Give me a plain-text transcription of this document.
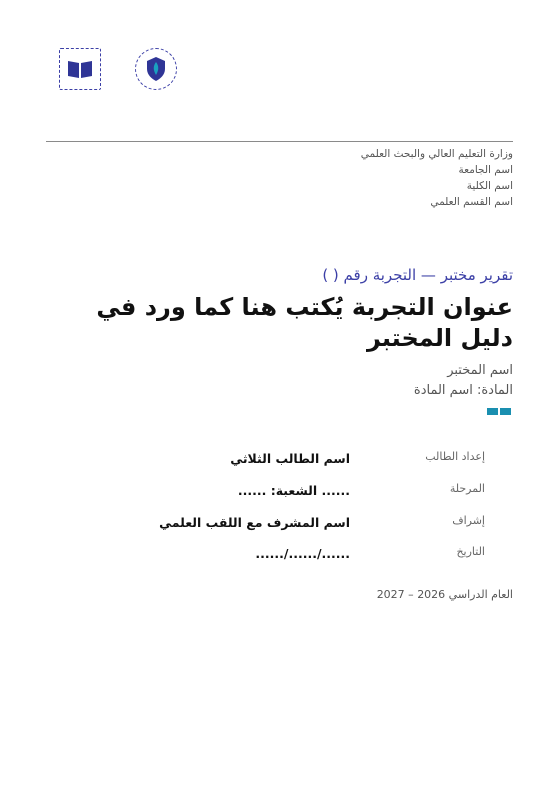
وزارة التعليم العالي والبحث العلمي
اسم الجامعة
اسم الكلية
اسم القسم العلمي
تقرير مختبر — التجربة رقم ( )
عنوان التجربة يُكتب هنا كما ورد في دليل المختبر
اسم المختبر
المادة: اسم المادة
إعداد الطالب
اسم الطالب الثلاثي
المرحلة
...... الشعبة: ......
إشراف
اسم المشرف مع اللقب العلمي
التاريخ
....../....../......
العام الدراسي 2026 – 2027
